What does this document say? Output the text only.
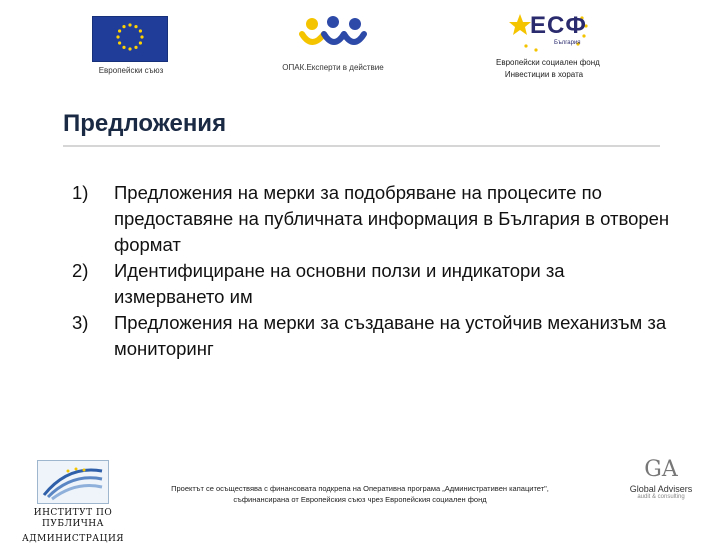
Европейски съюз	ОПАК.Експерти в действие
ЕСФ
България
Европейски социален фонд
Инвестиции в хората
Предложения
1)	Предложения на мерки за подобряване на процесите по предоставяне на публичната информация в България в отворен формат
2)	Идентифициране на основни ползи и индикатори за измерването им
3)	Предложения на мерки за създаване на устойчив механизъм за мониторинг
ИНСТИТУТ ПО ПУБЛИЧНА
АДМИНИСТРАЦИЯ
Проектът се осъществява с финансовата подкрепа на Оперативна програма „Административен капацитет", съфинансирана от Европейския съюз чрез Европейския социален фонд
GA
Global Advisers
audit & consulting
